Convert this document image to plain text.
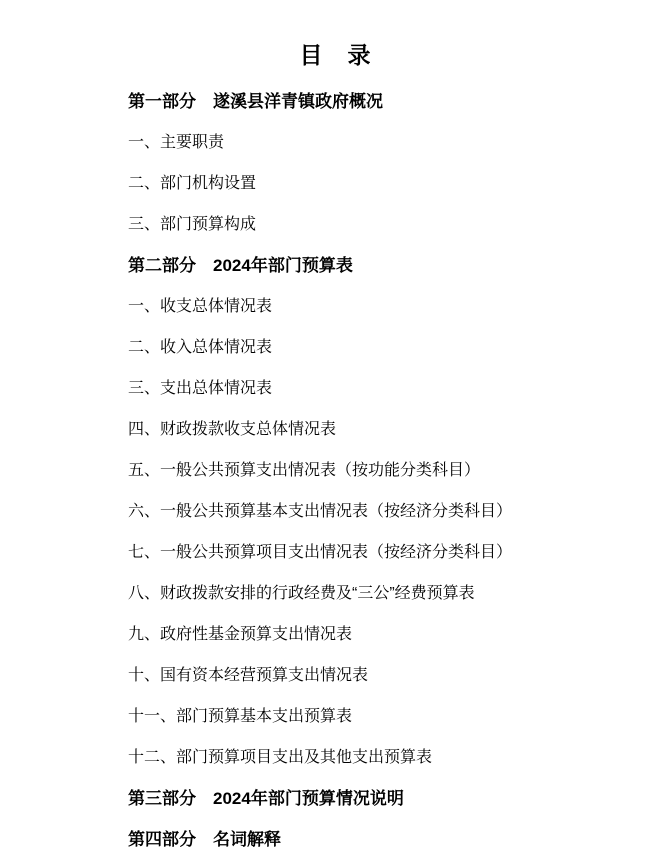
目　录

第一部分　遂溪县洋青镇政府概况

一、主要职责

二、部门机构设置

三、部门预算构成

第二部分　2024年部门预算表

一、收支总体情况表

二、收入总体情况表

三、支出总体情况表

四、财政拨款收支总体情况表

五、一般公共预算支出情况表（按功能分类科目）

六、一般公共预算基本支出情况表（按经济分类科目）

七、一般公共预算项目支出情况表（按经济分类科目）

八、财政拨款安排的行政经费及“三公”经费预算表

九、政府性基金预算支出情况表

十、国有资本经营预算支出情况表

十一、部门预算基本支出预算表

十二、部门预算项目支出及其他支出预算表

第三部分　2024年部门预算情况说明

第四部分　名词解释
